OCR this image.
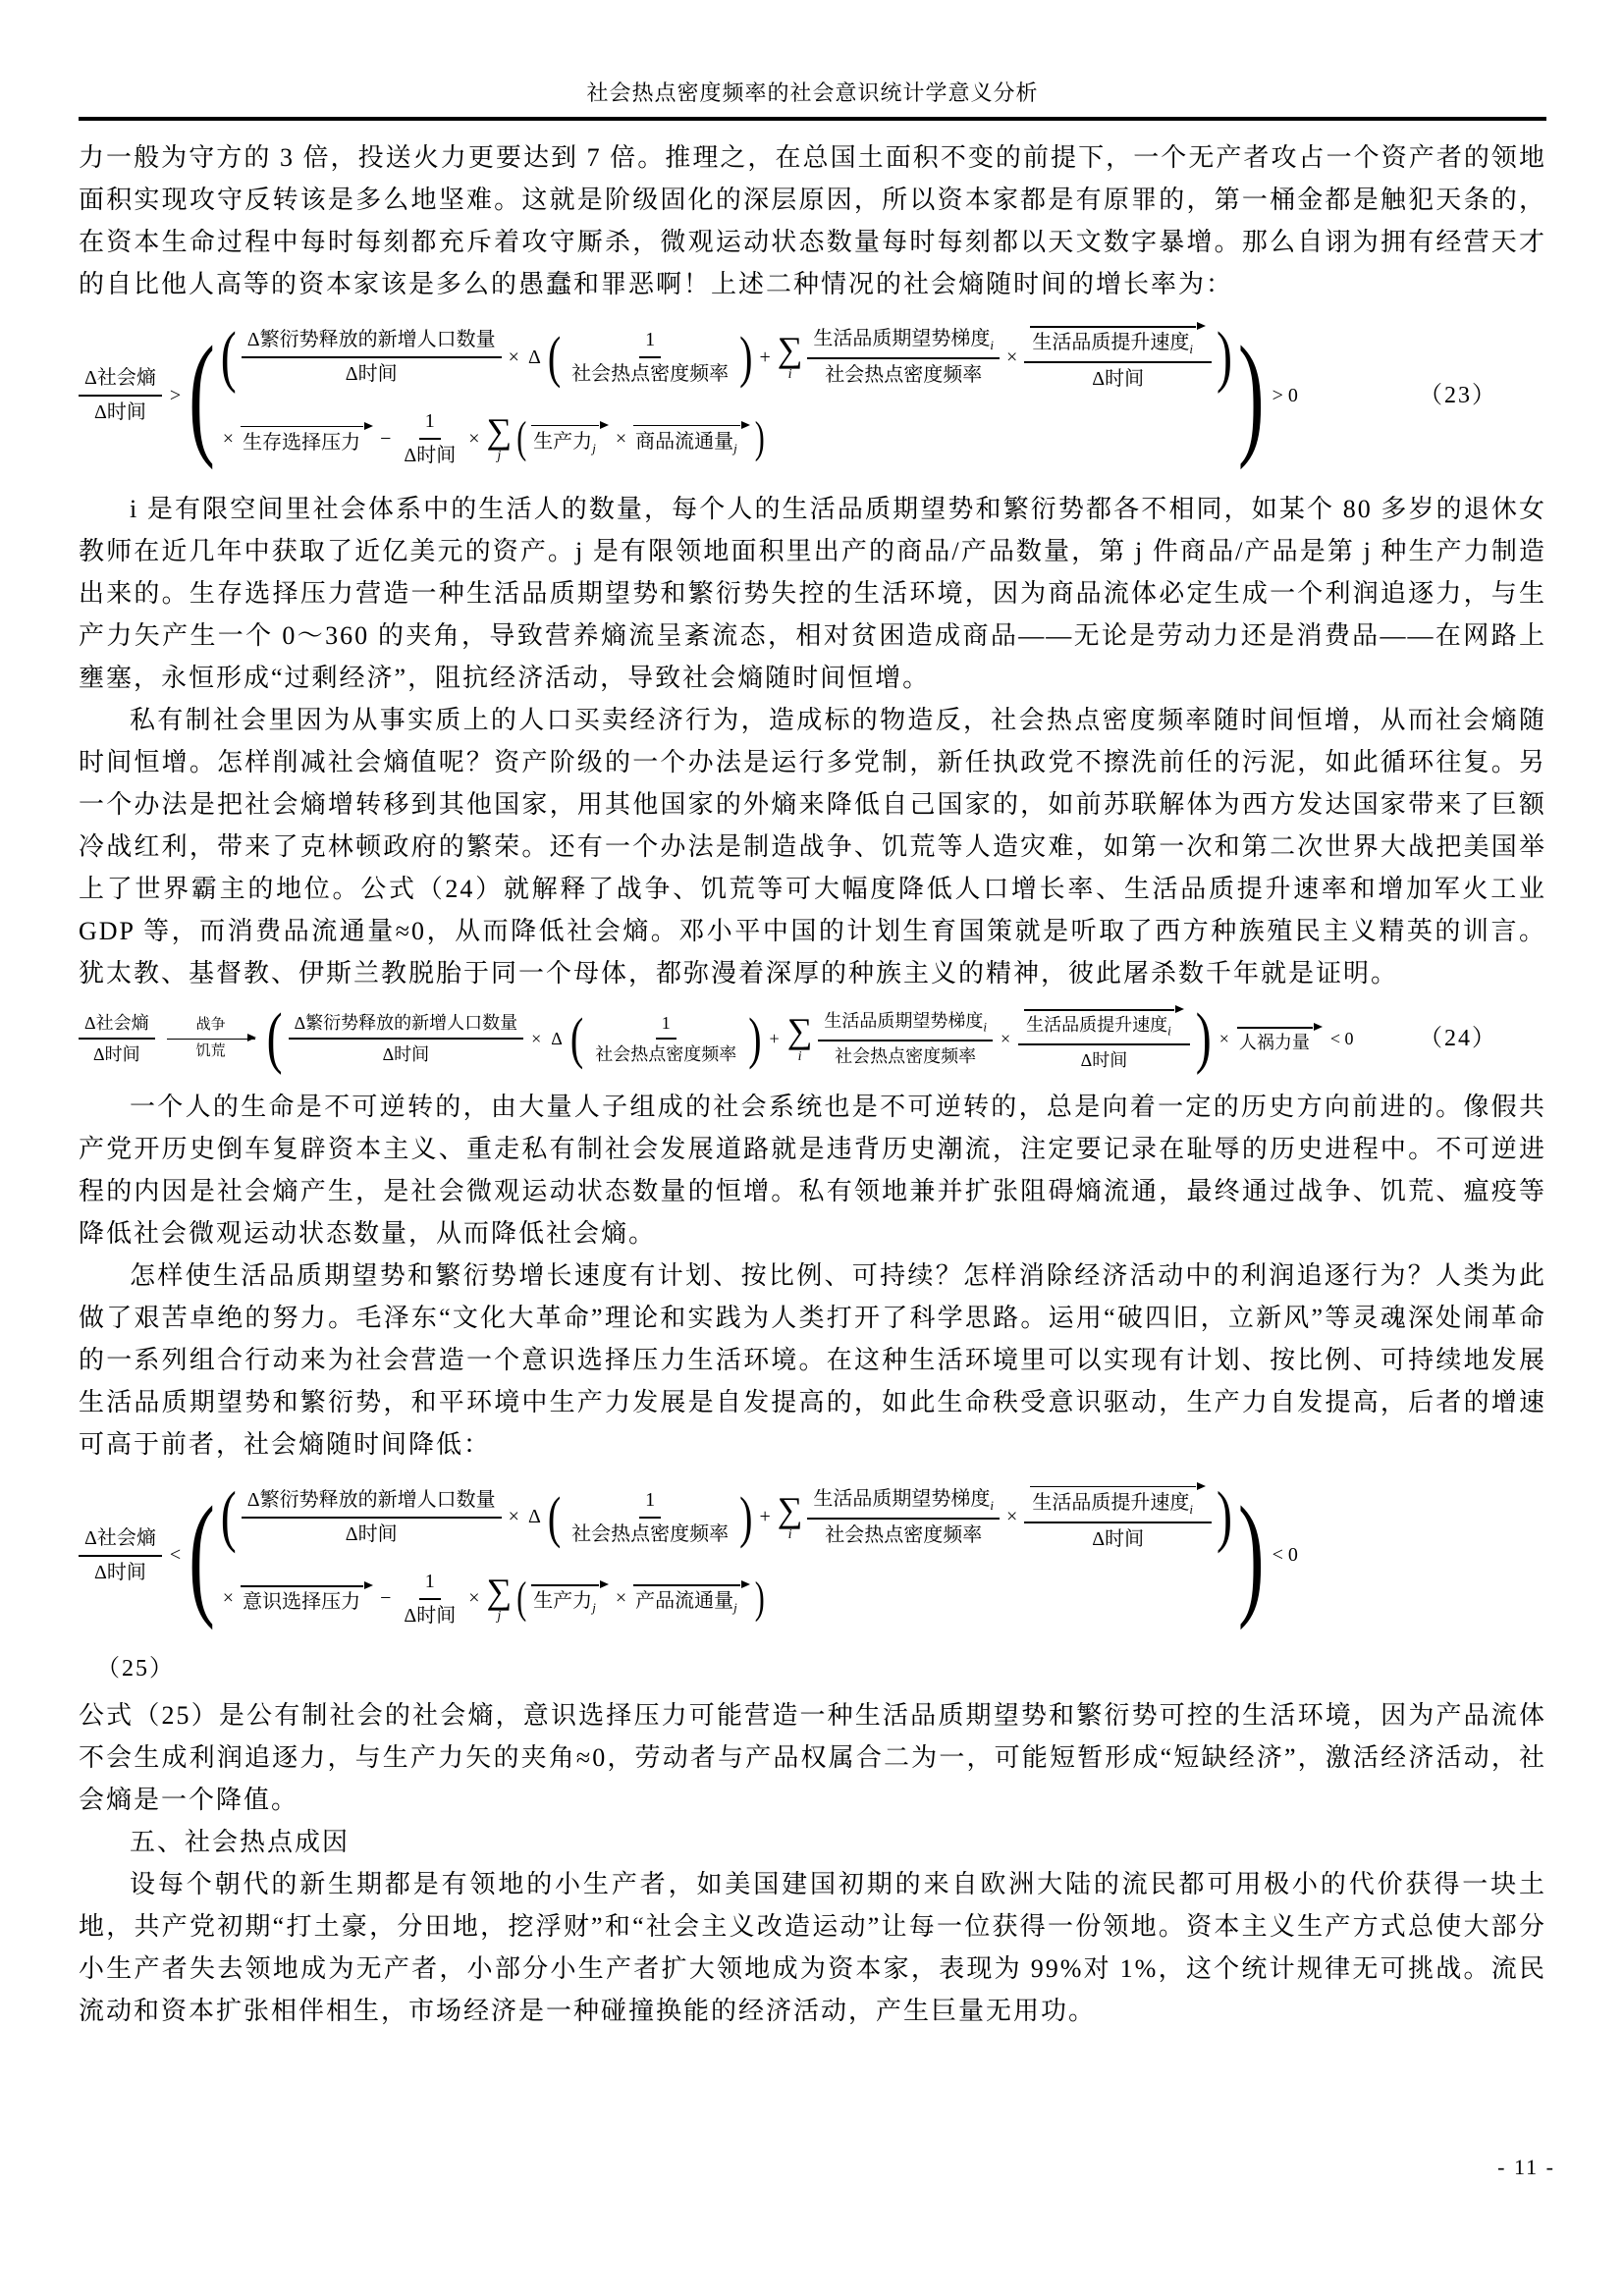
社会热点密度频率的社会意识统计学意义分析

力一般为守方的 3 倍，投送火力更要达到 7 倍。推理之，在总国土面积不变的前提下，一个无产者攻占一个资产者的领地面积实现攻守反转该是多么地坚难。这就是阶级固化的深层原因，所以资本家都是有原罪的，第一桶金都是触犯天条的，在资本生命过程中每时每刻都充斥着攻守厮杀，微观运动状态数量每时每刻都以天文数字暴增。那么自诩为拥有经营天才的自比他人高等的资本家该是多么的愚蠢和罪恶啊！上述二种情况的社会熵随时间的增长率为：

$\frac{\text{Δ社会熵}}{\text{Δ时间}}$ > ( ( $\frac{\text{Δ繁衍势释放的新增人口数量}}{\text{Δ时间}} \times \Delta$ ( $\frac{1}{\text{社会热点密度频率}}$ ) + ∑
i $\frac{生活品质期望势梯度_i}{\text{社会热点密度频率}} \times \frac{生活品质提升速度_i}{\text{Δ时间}}$ )
× 生存选择压力	− $\frac{1}{\text{Δ时间}}$ × ∑
j ( 生产力$_j$	× 商品流通量$_j$ )	) > 0	（23）

i 是有限空间里社会体系中的生活人的数量，每个人的生活品质期望势和繁衍势都各不相同，如某个 80 多岁的退休女教师在近几年中获取了近亿美元的资产。j 是有限领地面积里出产的商品/产品数量，第 j 件商品/产品是第 j 种生产力制造出来的。生存选择压力营造一种生活品质期望势和繁衍势失控的生活环境，因为商品流体必定生成一个利润追逐力，与生产力矢产生一个 0～360 的夹角，导致营养熵流呈紊流态，相对贫困造成商品——无论是劳动力还是消费品——在网路上壅塞，永恒形成“过剩经济”，阻抗经济活动，导致社会熵随时间恒增。

私有制社会里因为从事实质上的人口买卖经济行为，造成标的物造反，社会热点密度频率随时间恒增，从而社会熵随时间恒增。怎样削减社会熵值呢？资产阶级的一个办法是运行多党制，新任执政党不擦洗前任的污泥，如此循环往复。另一个办法是把社会熵增转移到其他国家，用其他国家的外熵来降低自己国家的，如前苏联解体为西方发达国家带来了巨额冷战红利，带来了克林顿政府的繁荣。还有一个办法是制造战争、饥荒等人造灾难，如第一次和第二次世界大战把美国举上了世界霸主的地位。公式（24）就解释了战争、饥荒等可大幅度降低人口增长率、生活品质提升速率和增加军火工业 GDP 等，而消费品流通量≈0，从而降低社会熵。邓小平中国的计划生育国策就是听取了西方种族殖民主义精英的训言。犹太教、基督教、伊斯兰教脱胎于同一个母体，都弥漫着深厚的种族主义的精神，彼此屠杀数千年就是证明。

$\frac{\text{Δ社会熵}}{\text{Δ时间}}$	战争
饥荒 ( $\frac{\text{Δ繁衍势释放的新增人口数量}}{\text{Δ时间}} \times \Delta$ ( $\frac{1}{\text{社会热点密度频率}}$ ) + ∑
i $\frac{生活品质期望势梯度_i}{\text{社会热点密度频率}} \times \frac{生活品质提升速度_i}{\text{Δ时间}}$ ) × 人祸力量	< 0	（24）

一个人的生命是不可逆转的，由大量人子组成的社会系统也是不可逆转的，总是向着一定的历史方向前进的。像假共产党开历史倒车复辟资本主义、重走私有制社会发展道路就是违背历史潮流，注定要记录在耻辱的历史进程中。不可逆进程的内因是社会熵产生，是社会微观运动状态数量的恒增。私有领地兼并扩张阻碍熵流通，最终通过战争、饥荒、瘟疫等降低社会微观运动状态数量，从而降低社会熵。

怎样使生活品质期望势和繁衍势增长速度有计划、按比例、可持续？怎样消除经济活动中的利润追逐行为？人类为此做了艰苦卓绝的努力。毛泽东“文化大革命”理论和实践为人类打开了科学思路。运用“破四旧，立新风”等灵魂深处闹革命的一系列组合行动来为社会营造一个意识选择压力生活环境。在这种生活环境里可以实现有计划、按比例、可持续地发展生活品质期望势和繁衍势，和平环境中生产力发展是自发提高的，如此生命秩受意识驱动，生产力自发提高，后者的增速可高于前者，社会熵随时间降低：

$\frac{\text{Δ社会熵}}{\text{Δ时间}}$ < ( ( $\frac{\text{Δ繁衍势释放的新增人口数量}}{\text{Δ时间}} \times \Delta$ ( $\frac{1}{\text{社会热点密度频率}}$ ) + ∑
i $\frac{生活品质期望势梯度_i}{\text{社会热点密度频率}} \times \frac{生活品质提升速度_i}{\text{Δ时间}}$ )
× 意识选择压力	− $\frac{1}{\text{Δ时间}}$ × ∑
j ( 生产力$_j$	× 产品流通量$_j$ )	) < 0
（25）

公式（25）是公有制社会的社会熵，意识选择压力可能营造一种生活品质期望势和繁衍势可控的生活环境，因为产品流体不会生成利润追逐力，与生产力矢的夹角≈0，劳动者与产品权属合二为一，可能短暂形成“短缺经济”，激活经济活动，社会熵是一个降值。

五、社会热点成因

设每个朝代的新生期都是有领地的小生产者，如美国建国初期的来自欧洲大陆的流民都可用极小的代价获得一块土地，共产党初期“打土豪，分田地，挖浮财”和“社会主义改造运动”让每一位获得一份领地。资本主义生产方式总使大部分小生产者失去领地成为无产者，小部分小生产者扩大领地成为资本家，表现为 99%对 1%，这个统计规律无可挑战。流民流动和资本扩张相伴相生，市场经济是一种碰撞换能的经济活动，产生巨量无用功。

- 11 -
